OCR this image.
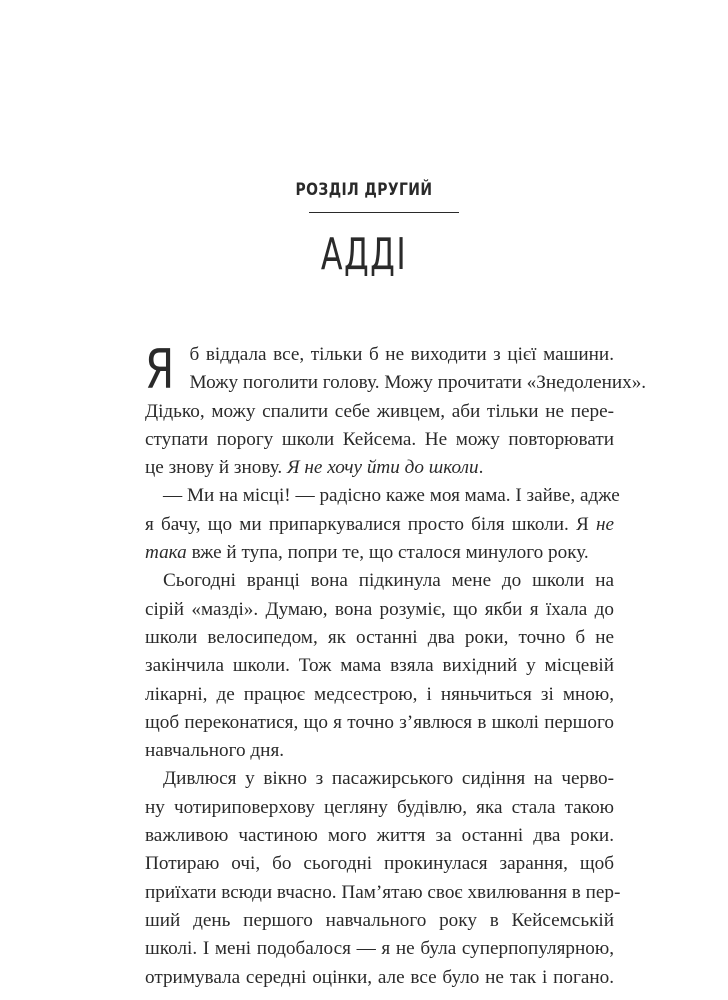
РОЗДІЛ ДРУГИЙ
АДДІ
Я б віддала все, тільки б не виходити з цієї машини.
Можу поголити голову. Можу прочитати «Знедолених».
Дідько, можу спалити себе живцем, аби тільки не пере-
ступати порогу школи Кейсема. Не можу повторювати
це знову й знову. Я не хочу йти до школи.
— Ми на місці! — радісно каже моя мама. І зайве, адже
я бачу, що ми припаркувалися просто біля школи. Я не
така вже й тупа, попри те, що сталося минулого року.
Сьогодні вранці вона підкинула мене до школи на
сірій «мазді». Думаю, вона розуміє, що якби я їхала до
школи велосипедом, як останні два роки, точно б не
закінчила школи. Тож мама взяла вихідний у місцевій
лікарні, де працює медсестрою, і няньчиться зі мною,
щоб переконатися, що я точно з’явлюся в школі першого
навчального дня.
Дивлюся у вікно з пасажирського сидіння на черво-
ну чотириповерхову цегляну будівлю, яка стала такою
важливою частиною мого життя за останні два роки.
Потираю очі, бо сьогодні прокинулася зарання, щоб
приїхати всюди вчасно. Пам’ятаю своє хвилювання в пер-
ший день першого навчального року в Кейсемській
школі. І мені подобалося — я не була суперпопулярною,
отримувала середні оцінки, але все було не так і погано.
